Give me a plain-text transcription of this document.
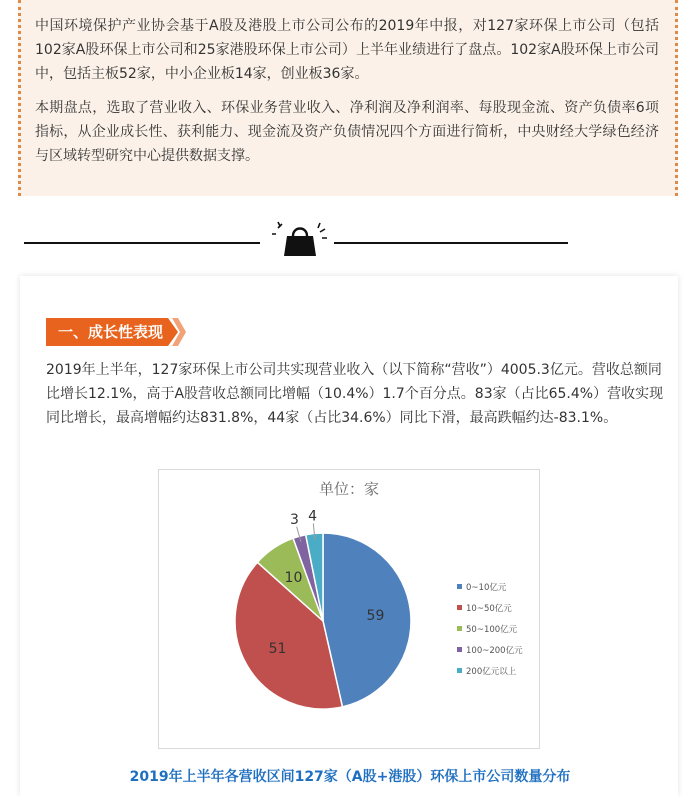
中国环境保护产业协会基于A股及港股上市公司公布的2019年中报，对127家环保上市公司（包括102家A股环保上市公司和25家港股环保上市公司）上半年业绩进行了盘点。102家A股环保上市公司中，包括主板52家，中小企业板14家，创业板36家。

本期盘点，选取了营业收入、环保业务营业收入、净利润及净利润率、每股现金流、资产负债率6项指标，从企业成长性、获利能力、现金流及资产负债情况四个方面进行简析，中央财经大学绿色经济与区域转型研究中心提供数据支撑。

一、成长性表现

2019年上半年，127家环保上市公司共实现营业收入（以下简称“营收”）4005.3亿元。营收总额同比增长12.1%，高于A股营收总额同比增幅（10.4%）1.7个百分点。83家（占比65.4%）营收实现同比增长，最高增幅约达831.8%，44家（占比34.6%）同比下滑，最高跌幅约达-83.1%。

单位：家
59
51
10
3 4
0~10亿元
10~50亿元
50~100亿元
100~200亿元
200亿元以上
2019年上半年各营收区间127家（A股+港股）环保上市公司数量分布
